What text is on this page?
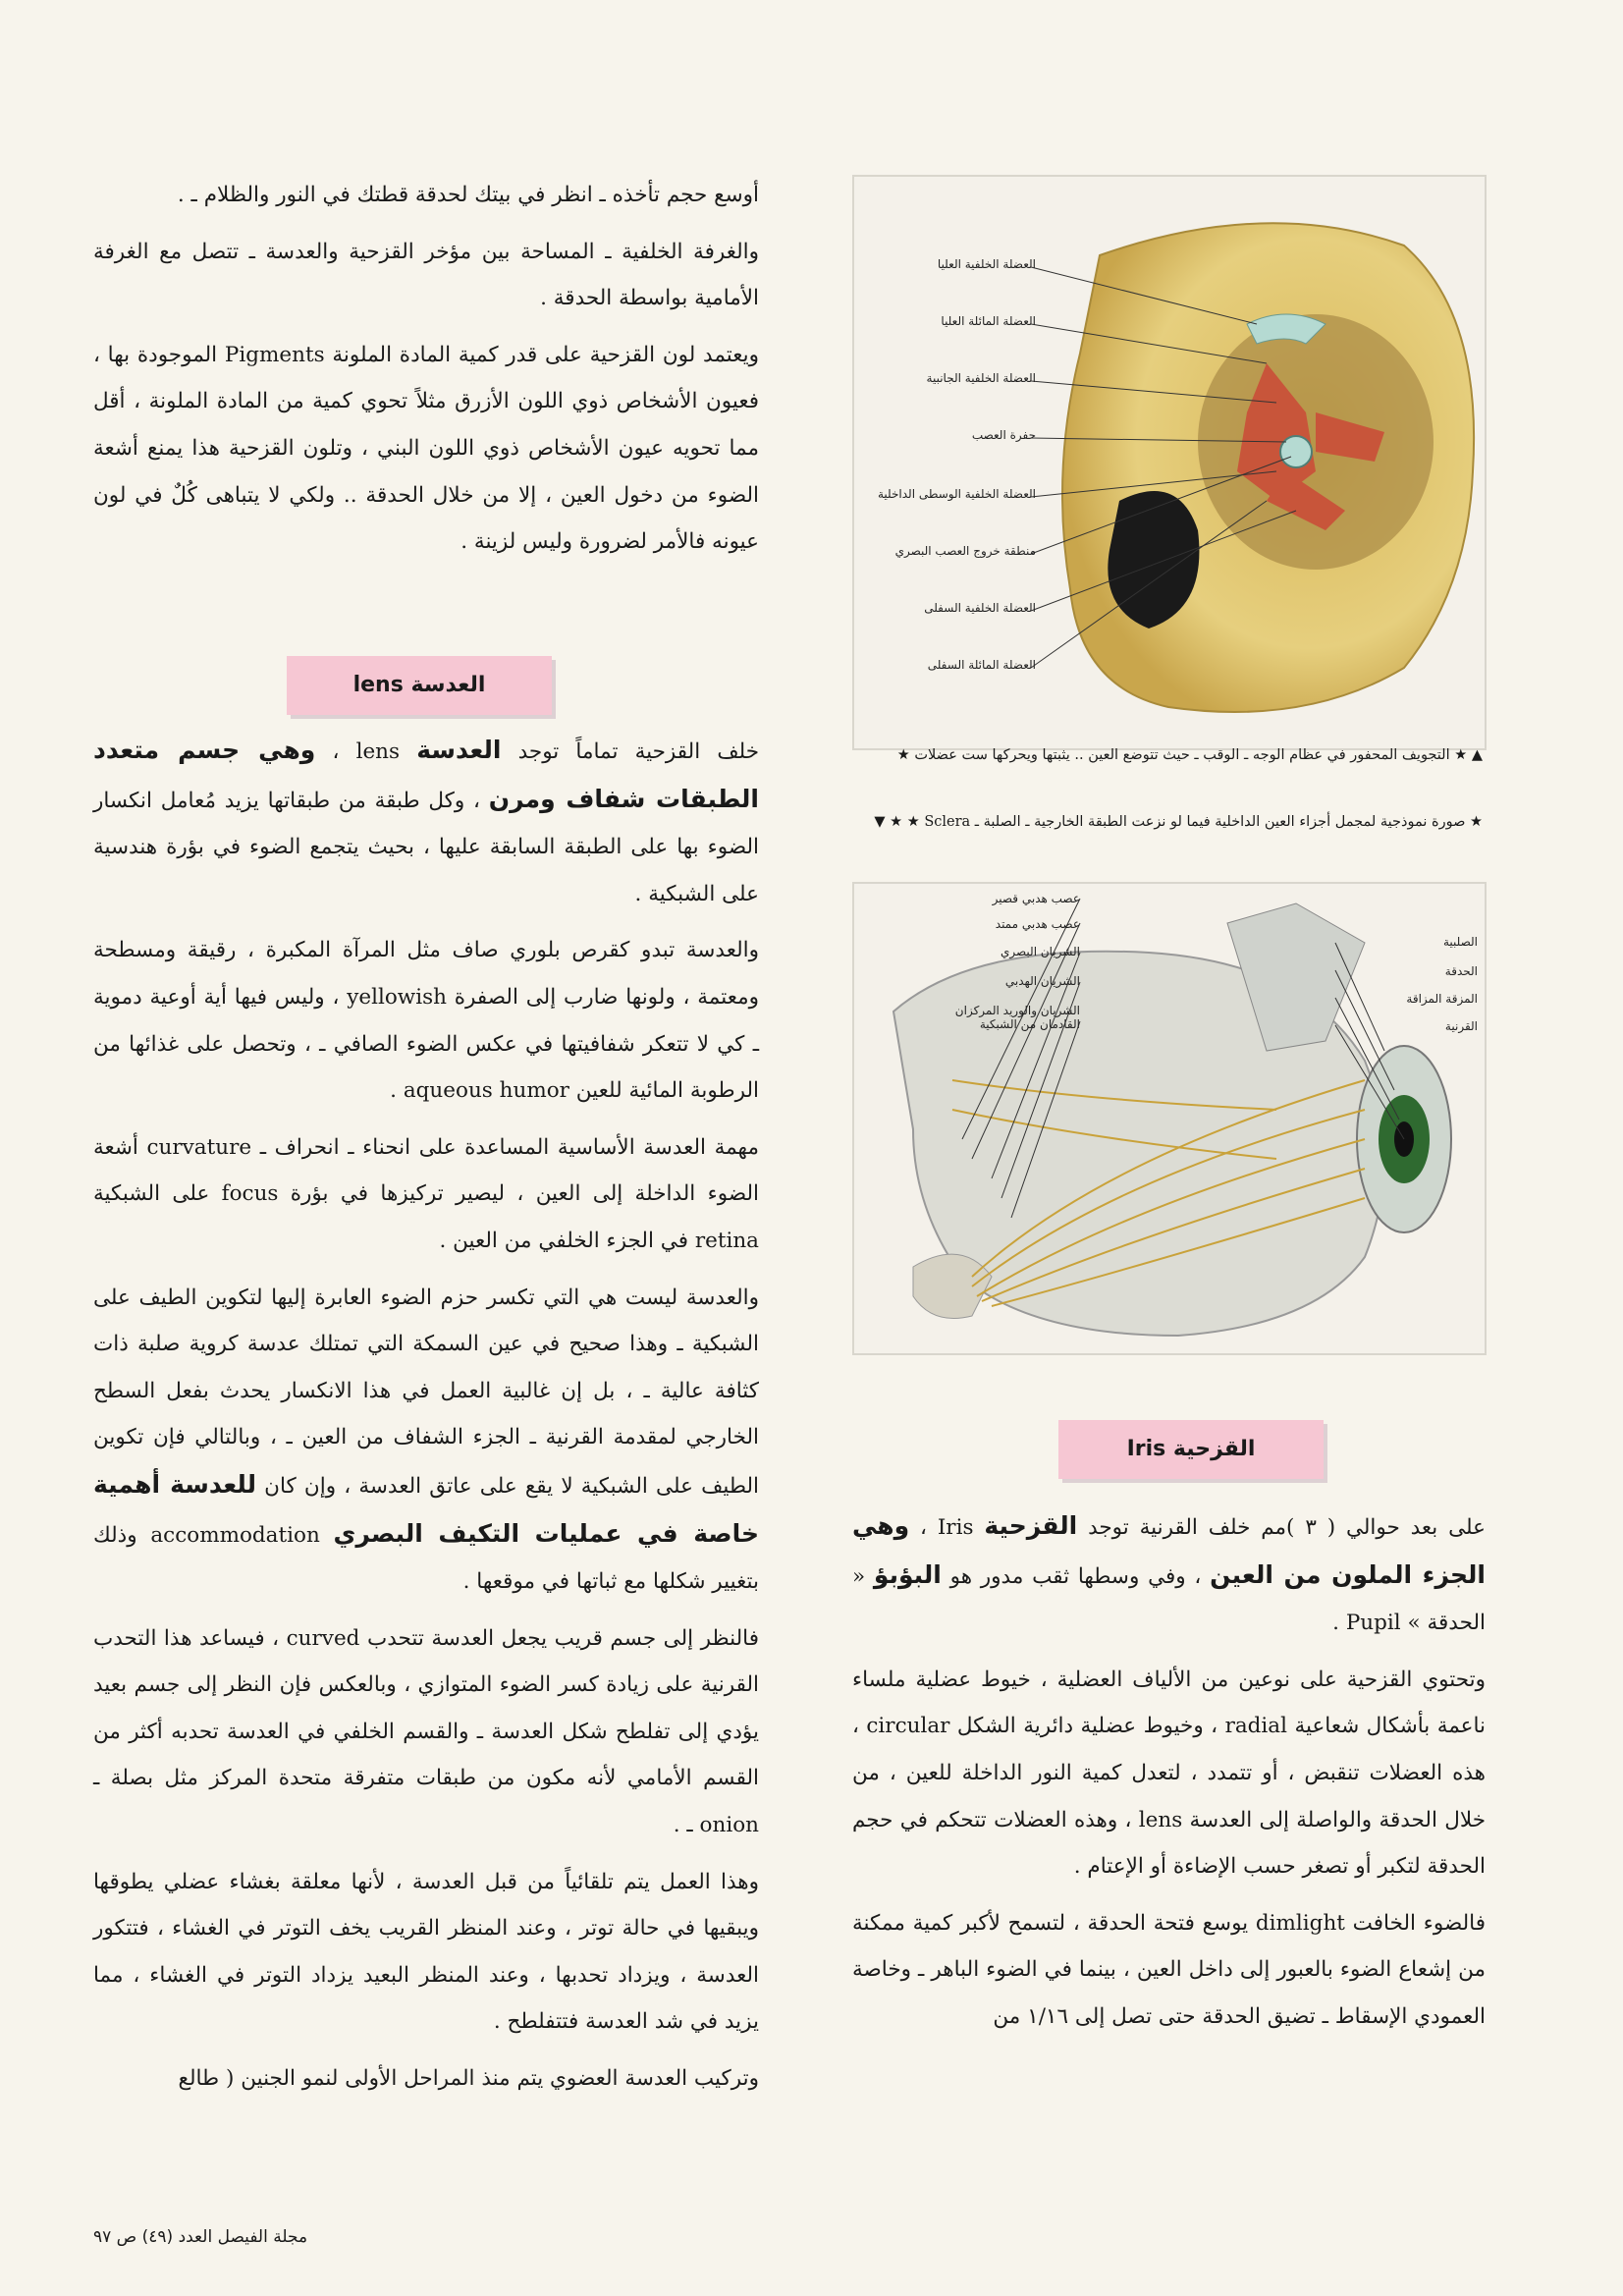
أوسع حجم تأخذه ـ انظر في بيتك لحدقة قطتك في النور والظلام ـ .

والغرفة الخلفية ـ المساحة بين مؤخر القزحية والعدسة ـ تتصل مع الغرفة الأمامية بواسطة الحدقة .

ويعتمد لون القزحية على قدر كمية المادة الملونة Pigments الموجودة بها ، فعيون الأشخاص ذوي اللون الأزرق مثلاً تحوي كمية من المادة الملونة ، أقل مما تحويه عيون الأشخاص ذوي اللون البني ، وتلون القزحية هذا يمنع أشعة الضوء من دخول العين ، إلا من خلال الحدقة .. ولكي لا يتباهى كُلٌ في لون عيونه فالأمر لضرورة وليس لزينة .

العدسة lens

خلف القزحية تماماً توجد العدسة lens ، وهي جسم متعدد الطبقات شفاف ومرن ، وكل طبقة من طبقاتها يزيد مُعامل انكسار الضوء بها على الطبقة السابقة عليها ، بحيث يتجمع الضوء في بؤرة هندسية على الشبكية .

والعدسة تبدو كقرص بلوري صاف مثل المرآة المكبرة ، رقيقة ومسطحة ومعتمة ، ولونها ضارب إلى الصفرة yellowish ، وليس فيها أية أوعية دموية ـ كي لا تتعكر شفافيتها في عكس الضوء الصافي ـ ، وتحصل على غذائها من الرطوبة المائية للعين aqueous humor .

مهمة العدسة الأساسية المساعدة على انحناء ـ انحراف ـ curvature أشعة الضوء الداخلة إلى العين ، ليصير تركيزها في بؤرة focus على الشبكية retina في الجزء الخلفي من العين .

والعدسة ليست هي التي تكسر حزم الضوء العابرة إليها لتكوين الطيف على الشبكية ـ وهذا صحيح في عين السمكة التي تمتلك عدسة كروية صلبة ذات كثافة عالية ـ ، بل إن غالبية العمل في هذا الانكسار يحدث بفعل السطح الخارجي لمقدمة القرنية ـ الجزء الشفاف من العين ـ ، وبالتالي فإن تكوين الطيف على الشبكية لا يقع على عاتق العدسة ، وإن كان للعدسة أهمية خاصة في عمليات التكيف البصري accommodation وذلك بتغيير شكلها مع ثباتها في موقعها .

فالنظر إلى جسم قريب يجعل العدسة تتحدب curved ، فيساعد هذا التحدب القرنية على زيادة كسر الضوء المتوازي ، وبالعكس فإن النظر إلى جسم بعيد يؤدي إلى تفلطح شكل العدسة ـ والقسم الخلفي في العدسة تحدبه أكثر من القسم الأمامي لأنه مكون من طبقات متفرقة متحدة المركز مثل بصلة ـ onion ـ .

وهذا العمل يتم تلقائياً من قبل العدسة ، لأنها معلقة بغشاء عضلي يطوقها ويبقيها في حالة توتر ، وعند المنظر القريب يخف التوتر في الغشاء ، فتتكور العدسة ، ويزداد تحدبها ، وعند المنظر البعيد يزداد التوتر في الغشاء ، مما يزيد في شد العدسة فتتفلطح .

وتركيب العدسة العضوي يتم منذ المراحل الأولى لنمو الجنين ( طالع

العضلة الخلفية العليا
العضلة المائلة العليا
العضلة الخلفية الجانبية
حفرة العصب
العضلة الخلفية الوسطى الداخلية
منطقة خروج العصب البصري
العضلة الخلفية السفلى
العضلة المائلة السفلى
▲ ★ التجويف المحفور في عظام الوجه ـ الوقب ـ حيث تتوضع العين .. يثبتها ويحركها ست عضلات ★
★ صورة نموذجية لمجمل أجزاء العين الداخلية فيما لو نزعت الطبقة الخارجية ـ الصلبة ـ Sclera ★ ★ ▼
عصب هدبي قصير
عصب هدبي ممتد
الشريان البصري
الشريان الهدبي
الشريان والوريد المركزان القادمان من الشبكية
الصلبية
الحدقة
المزقة المزاقة
القرنية
القزحية Iris

على بعد حوالي ( ٣ )مم خلف القرنية توجد القزحية Iris ، وهي الجزء الملون من العين ، وفي وسطها ثقب مدور هو البؤبؤ « الحدقة » Pupil .

وتحتوي القزحية على نوعين من الألياف العضلية ، خيوط عضلية ملساء ناعمة بأشكال شعاعية radial ، وخيوط عضلية دائرية الشكل circular ، هذه العضلات تنقبض ، أو تتمدد ، لتعدل كمية النور الداخلة للعين ، من خلال الحدقة والواصلة إلى العدسة lens ، وهذه العضلات تتحكم في حجم الحدقة لتكبر أو تصغر حسب الإضاءة أو الإعتام .

فالضوء الخافت dimlight يوسع فتحة الحدقة ، لتسمح لأكبر كمية ممكنة من إشعاع الضوء بالعبور إلى داخل العين ، بينما في الضوء الباهر ـ وخاصة العمودي الإسقاط ـ تضيق الحدقة حتى تصل إلى ١/١٦ من

مجلة الفيصل العدد (٤٩) ص ٩٧
